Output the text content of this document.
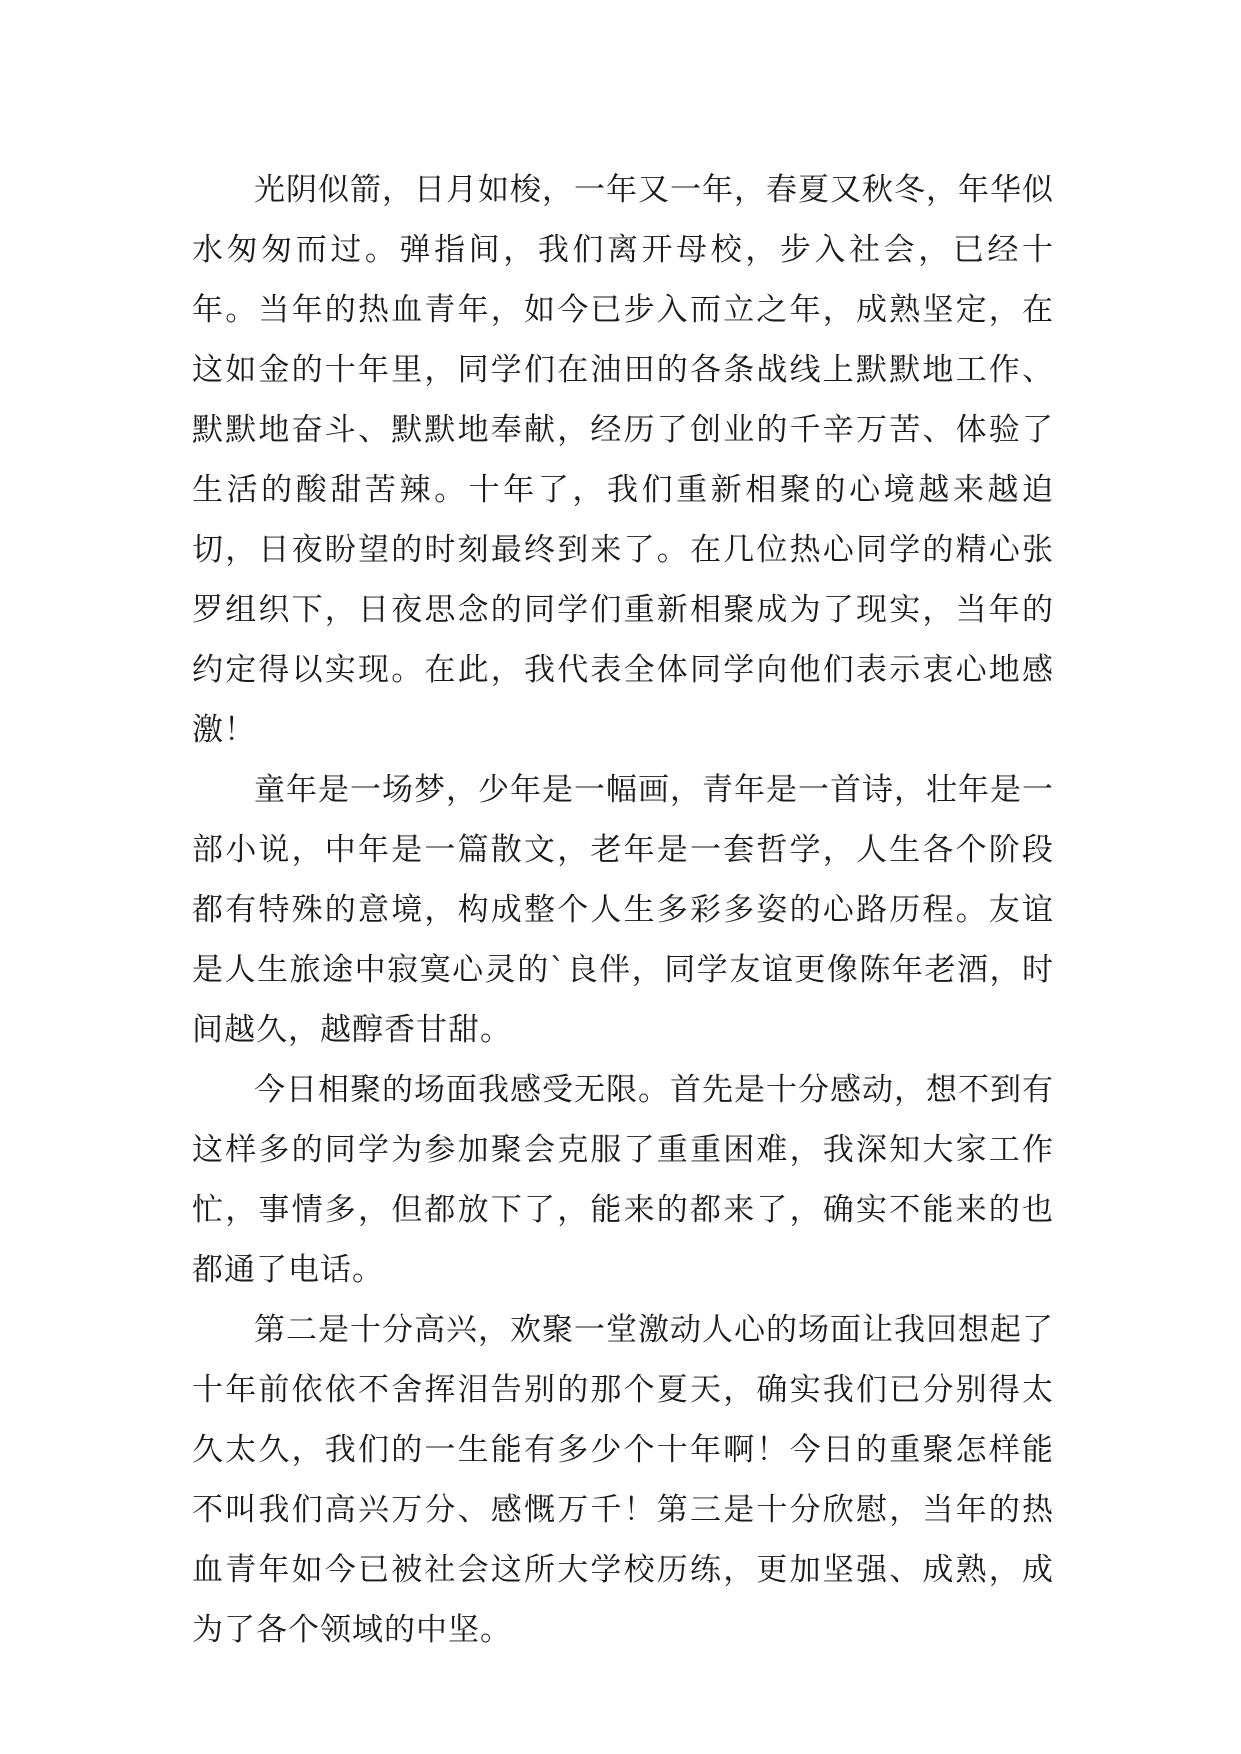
光阴似箭，日月如梭，一年又一年，春夏又秋冬，年华似水匆匆而过。弹指间，我们离开母校，步入社会，已经十年。当年的热血青年，如今已步入而立之年，成熟坚定，在这如金的十年里，同学们在油田的各条战线上默默地工作、默默地奋斗、默默地奉献，经历了创业的千辛万苦、体验了生活的酸甜苦辣。十年了，我们重新相聚的心境越来越迫切，日夜盼望的时刻最终到来了。在几位热心同学的精心张罗组织下，日夜思念的同学们重新相聚成为了现实，当年的约定得以实现。在此，我代表全体同学向他们表示衷心地感激！

童年是一场梦，少年是一幅画，青年是一首诗，壮年是一部小说，中年是一篇散文，老年是一套哲学，人生各个阶段都有特殊的意境，构成整个人生多彩多姿的心路历程。友谊是人生旅途中寂寞心灵的`良伴，同学友谊更像陈年老酒，时间越久，越醇香甘甜。

今日相聚的场面我感受无限。首先是十分感动，想不到有这样多的同学为参加聚会克服了重重困难，我深知大家工作忙，事情多，但都放下了，能来的都来了，确实不能来的也都通了电话。

第二是十分高兴，欢聚一堂激动人心的场面让我回想起了十年前依依不舍挥泪告别的那个夏天，确实我们已分别得太久太久，我们的一生能有多少个十年啊！今日的重聚怎样能不叫我们高兴万分、感慨万千！第三是十分欣慰，当年的热血青年如今已被社会这所大学校历练，更加坚强、成熟，成为了各个领域的中坚。
